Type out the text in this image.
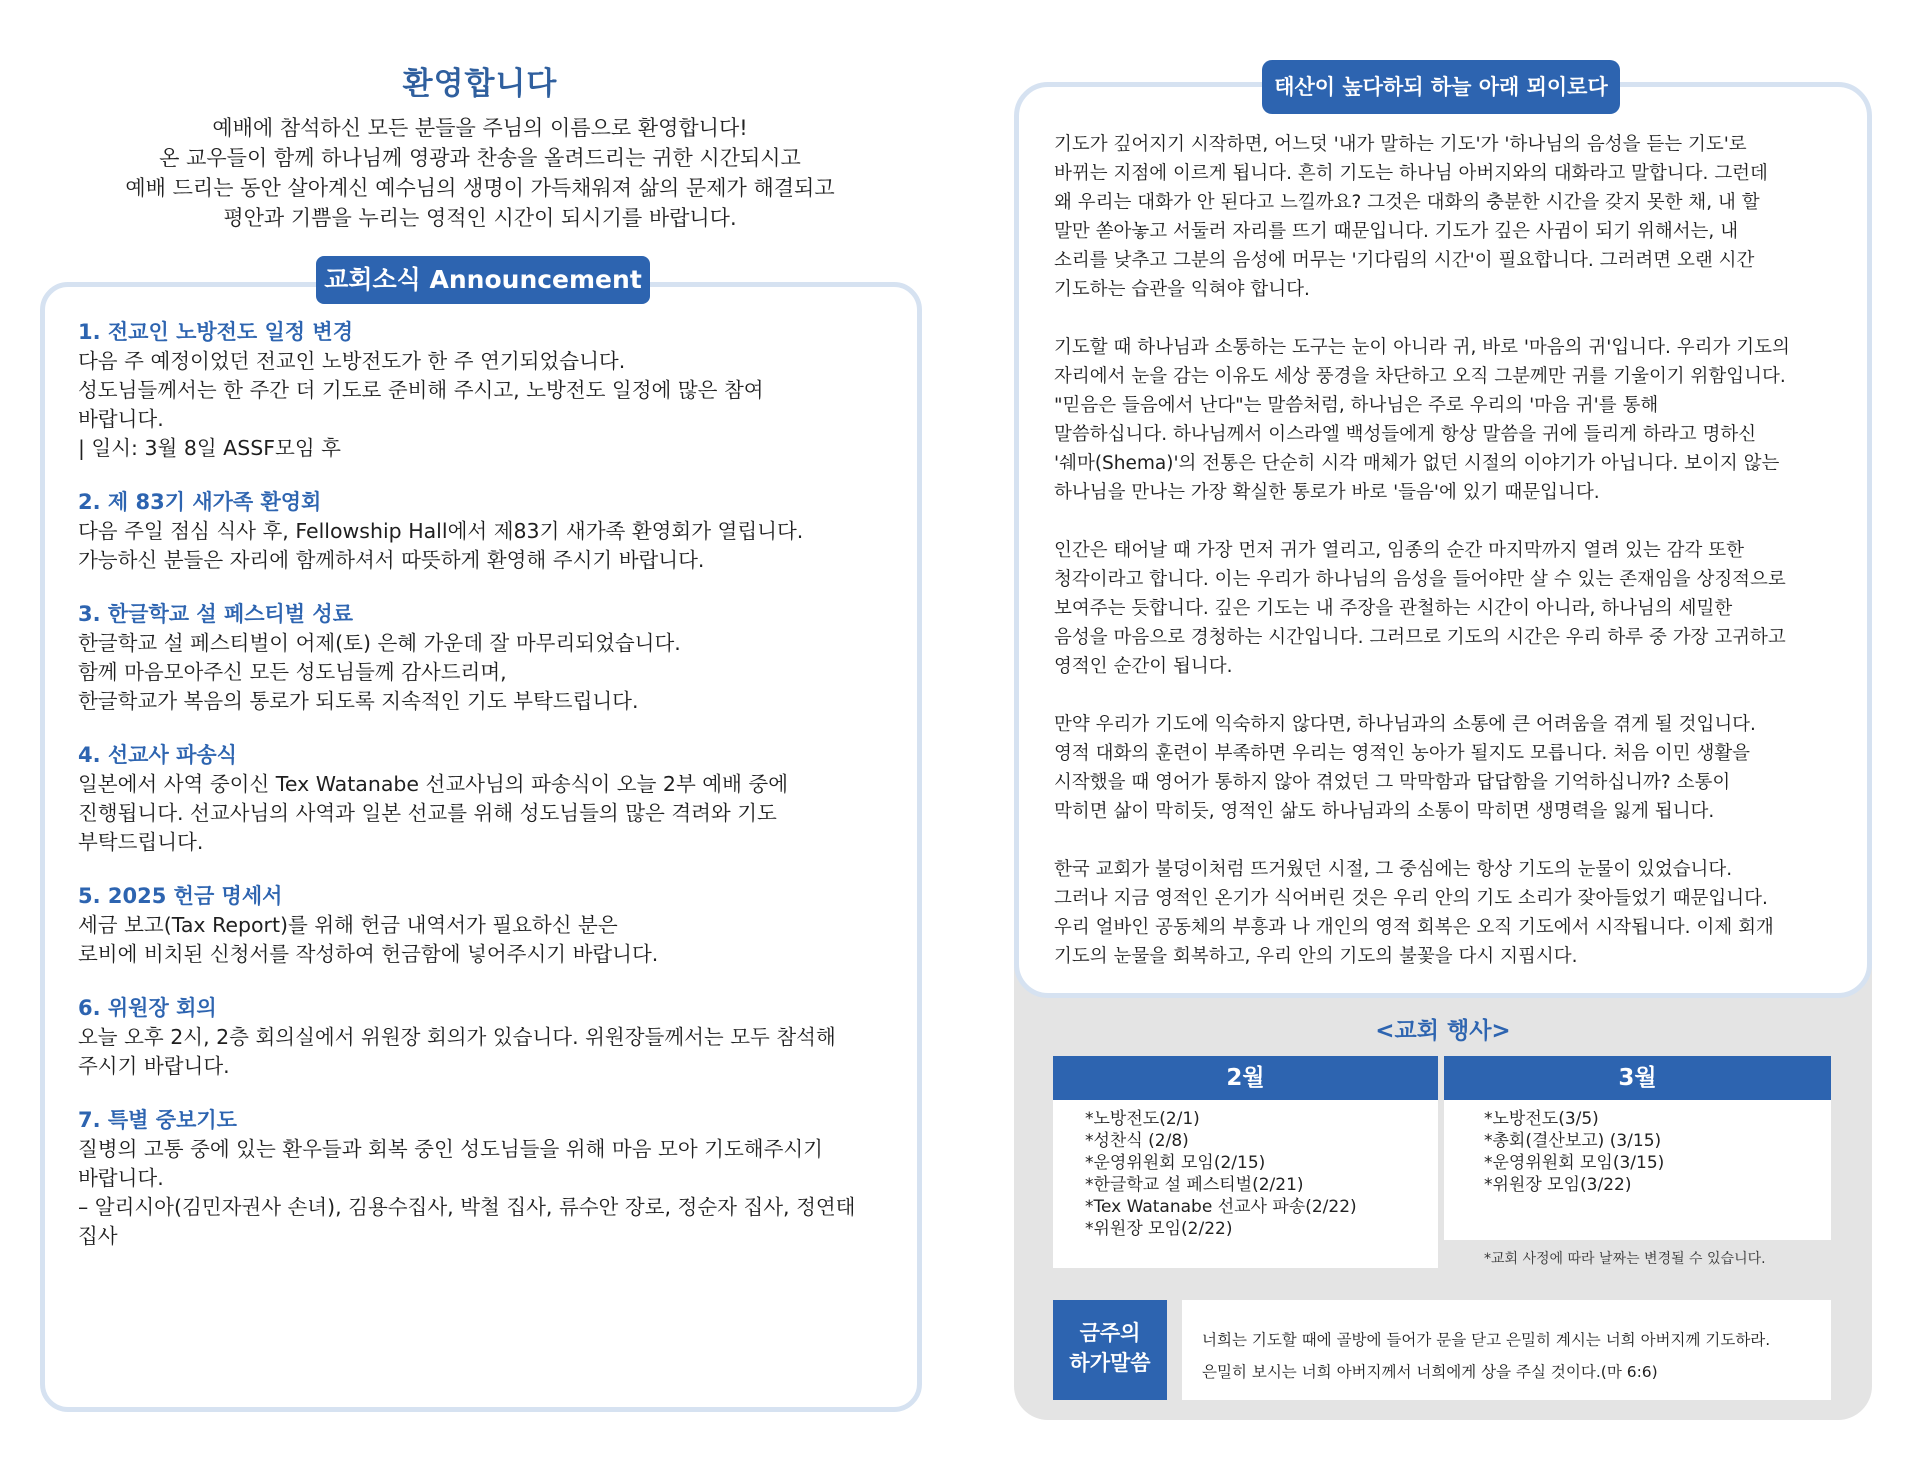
환영합니다
예배에 참석하신 모든 분들을 주님의 이름으로 환영합니다!
온 교우들이 함께 하나님께 영광과 찬송을 올려드리는 귀한 시간되시고
예배 드리는 동안 살아계신 예수님의 생명이 가득채워져 삶의 문제가 해결되고
평안과 기쁨을 누리는 영적인 시간이 되시기를 바랍니다.
교회소식 Announcement
1. 전교인 노방전도 일정 변경
다음 주 예정이었던 전교인 노방전도가 한 주 연기되었습니다.
성도님들께서는 한 주간 더 기도로 준비해 주시고, 노방전도 일정에 많은 참여
바랍니다.
| 일시: 3월 8일 ASSF모임 후
2. 제 83기 새가족 환영회
다음 주일 점심 식사 후, Fellowship Hall에서 제83기 새가족 환영회가 열립니다.
가능하신 분들은 자리에 함께하셔서 따뜻하게 환영해 주시기 바랍니다.
3. 한글학교 설 페스티벌 성료
한글학교 설 페스티벌이 어제(토) 은혜 가운데 잘 마무리되었습니다.
함께 마음모아주신 모든 성도님들께 감사드리며,
한글학교가 복음의 통로가 되도록 지속적인 기도 부탁드립니다.
4. 선교사 파송식
일본에서 사역 중이신 Tex Watanabe 선교사님의 파송식이 오늘 2부 예배 중에
진행됩니다. 선교사님의 사역과 일본 선교를 위해 성도님들의 많은 격려와 기도
부탁드립니다.
5. 2025 헌금 명세서
세금 보고(Tax Report)를 위해 헌금 내역서가 필요하신 분은
로비에 비치된 신청서를 작성하여 헌금함에 넣어주시기 바랍니다.
6. 위원장 회의
오늘 오후 2시, 2층 회의실에서 위원장 회의가 있습니다. 위원장들께서는 모두 참석해
주시기 바랍니다.
7. 특별 중보기도
질병의 고통 중에 있는 환우들과 회복 중인 성도님들을 위해 마음 모아 기도해주시기
바랍니다.
– 알리시아(김민자권사 손녀), 김용수집사, 박철 집사, 류수안 장로, 정순자 집사, 정연태
집사
태산이 높다하되 하늘 아래 뫼이로다

기도가 깊어지기 시작하면, 어느덧 '내가 말하는 기도'가 '하나님의 음성을 듣는 기도'로
바뀌는 지점에 이르게 됩니다. 흔히 기도는 하나님 아버지와의 대화라고 말합니다. 그런데
왜 우리는 대화가 안 된다고 느낄까요? 그것은 대화의 충분한 시간을 갖지 못한 채, 내 할
말만 쏟아놓고 서둘러 자리를 뜨기 때문입니다. 기도가 깊은 사귐이 되기 위해서는, 내
소리를 낮추고 그분의 음성에 머무는 '기다림의 시간'이 필요합니다. 그러려면 오랜 시간
기도하는 습관을 익혀야 합니다.

기도할 때 하나님과 소통하는 도구는 눈이 아니라 귀, 바로 '마음의 귀'입니다. 우리가 기도의
자리에서 눈을 감는 이유도 세상 풍경을 차단하고 오직 그분께만 귀를 기울이기 위함입니다.
"믿음은 들음에서 난다"는 말씀처럼, 하나님은 주로 우리의 '마음 귀'를 통해
말씀하십니다. 하나님께서 이스라엘 백성들에게 항상 말씀을 귀에 들리게 하라고 명하신
'쉐마(Shema)'의 전통은 단순히 시각 매체가 없던 시절의 이야기가 아닙니다. 보이지 않는
하나님을 만나는 가장 확실한 통로가 바로 '들음'에 있기 때문입니다.

인간은 태어날 때 가장 먼저 귀가 열리고, 임종의 순간 마지막까지 열려 있는 감각 또한
청각이라고 합니다. 이는 우리가 하나님의 음성을 들어야만 살 수 있는 존재임을 상징적으로
보여주는 듯합니다. 깊은 기도는 내 주장을 관철하는 시간이 아니라, 하나님의 세밀한
음성을 마음으로 경청하는 시간입니다. 그러므로 기도의 시간은 우리 하루 중 가장 고귀하고
영적인 순간이 됩니다.

만약 우리가 기도에 익숙하지 않다면, 하나님과의 소통에 큰 어려움을 겪게 될 것입니다.
영적 대화의 훈련이 부족하면 우리는 영적인 농아가 될지도 모릅니다. 처음 이민 생활을
시작했을 때 영어가 통하지 않아 겪었던 그 막막함과 답답함을 기억하십니까? 소통이
막히면 삶이 막히듯, 영적인 삶도 하나님과의 소통이 막히면 생명력을 잃게 됩니다.

한국 교회가 불덩이처럼 뜨거웠던 시절, 그 중심에는 항상 기도의 눈물이 있었습니다.
그러나 지금 영적인 온기가 식어버린 것은 우리 안의 기도 소리가 잦아들었기 때문입니다.
우리 얼바인 공동체의 부흥과 나 개인의 영적 회복은 오직 기도에서 시작됩니다. 이제 회개
기도의 눈물을 회복하고, 우리 안의 기도의 불꽃을 다시 지핍시다.

<교회 행사>
2월	3월
*노방전도(2/1)
*성찬식 (2/8)
*운영위원회 모임(2/15)
*한글학교 설 페스티벌(2/21)
*Tex Watanabe 선교사 파송(2/22)
*위원장 모임(2/22)
*노방전도(3/5)
*총회(결산보고) (3/15)
*운영위원회 모임(3/15)
*위원장 모임(3/22)
*교회 사정에 따라 날짜는 변경될 수 있습니다.
금주의
하가말씀
너희는 기도할 때에 골방에 들어가 문을 닫고 은밀히 계시는 너희 아버지께 기도하라.
은밀히 보시는 너희 아버지께서 너희에게 상을 주실 것이다.(마 6:6)
